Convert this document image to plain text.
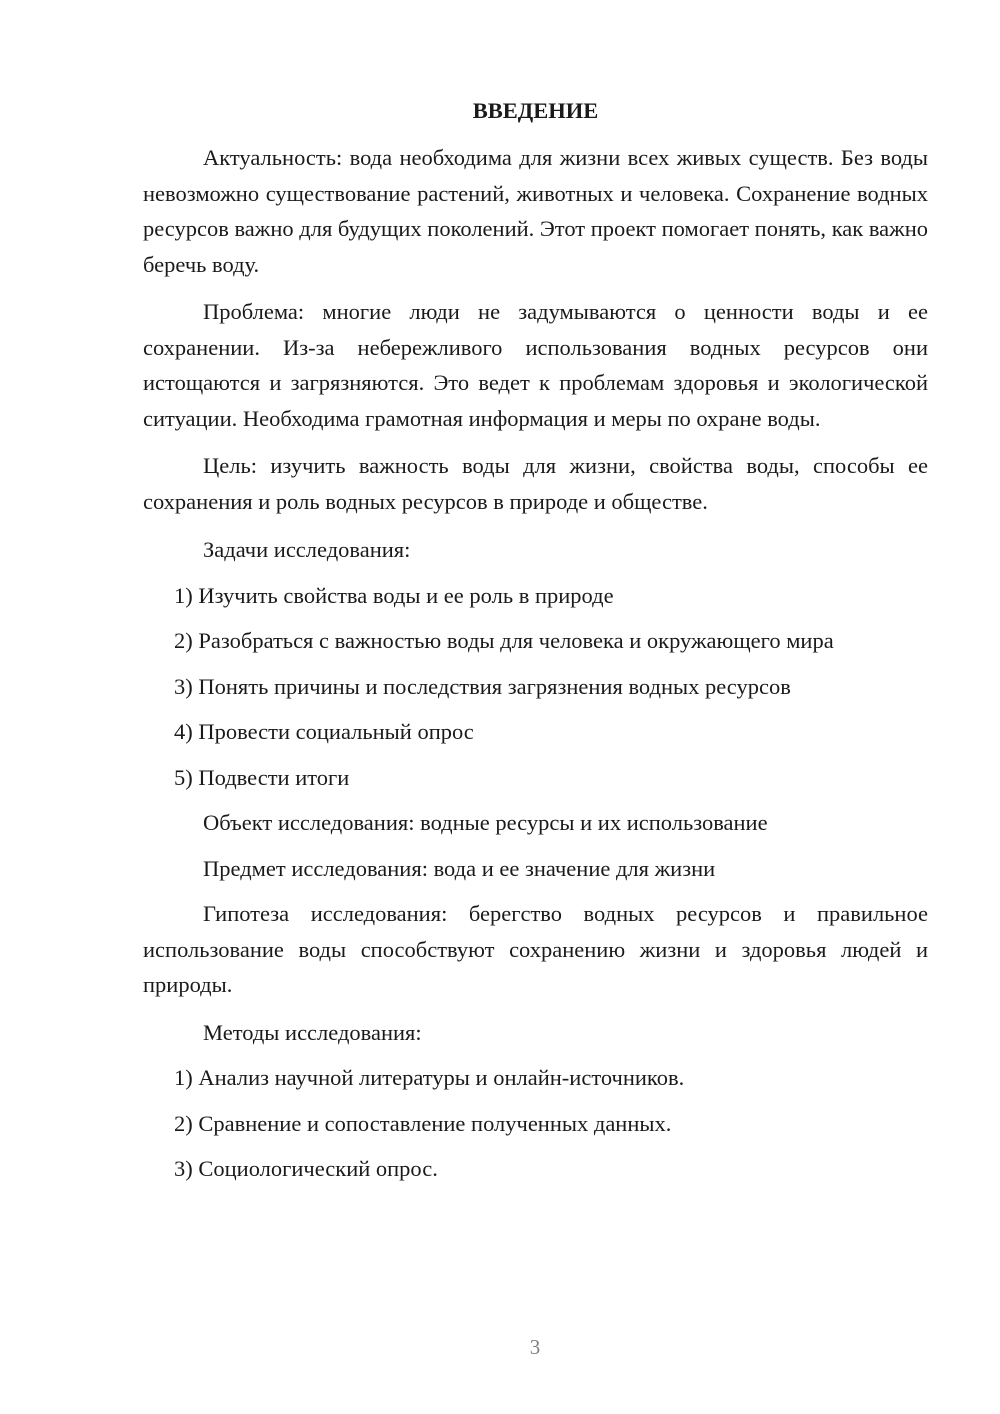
ВВЕДЕНИЕ

Актуальность: вода необходима для жизни всех живых существ. Без воды невозможно существование растений, животных и человека. Сохранение водных ресурсов важно для будущих поколений. Этот проект помогает понять, как важно беречь воду.

Проблема: многие люди не задумываются о ценности воды и ее сохранении. Из-за небережливого использования водных ресурсов они истощаются и загрязняются. Это ведет к проблемам здоровья и экологической ситуации. Необходима грамотная информация и меры по охране воды.

Цель: изучить важность воды для жизни, свойства воды, способы ее сохранения и роль водных ресурсов в природе и обществе.

Задачи исследования:

1) Изучить свойства воды и ее роль в природе
2) Разобраться с важностью воды для человека и окружающего мира
3) Понять причины и последствия загрязнения водных ресурсов
4) Провести социальный опрос
5) Подвести итоги

Объект исследования: водные ресурсы и их использование

Предмет исследования: вода и ее значение для жизни

Гипотеза исследования: берегство водных ресурсов и правильное использование воды способствуют сохранению жизни и здоровья людей и природы.

Методы исследования:

1) Анализ научной литературы и онлайн-источников.
2) Сравнение и сопоставление полученных данных.
3) Социологический опрос.
3
